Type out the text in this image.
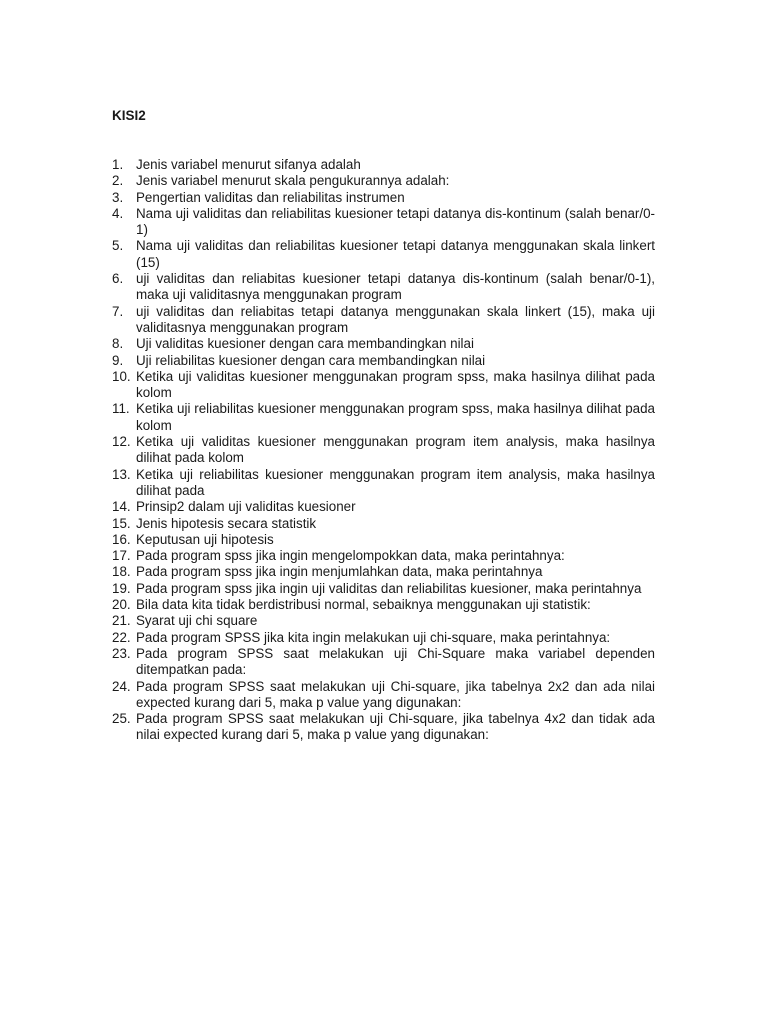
KISI2
1. Jenis variabel menurut sifanya adalah
2. Jenis variabel menurut skala pengukurannya adalah:
3. Pengertian validitas dan reliabilitas instrumen
4. Nama uji validitas dan reliabilitas kuesioner tetapi datanya dis-kontinum (salah benar/0-1)
5. Nama uji validitas dan reliabilitas kuesioner tetapi datanya menggunakan skala linkert (15)
6. uji validitas dan reliabitas kuesioner tetapi datanya dis-kontinum (salah benar/0-1), maka uji validitasnya menggunakan program
7. uji validitas dan reliabitas tetapi datanya menggunakan skala linkert (15), maka uji validitasnya menggunakan program
8. Uji validitas kuesioner dengan cara membandingkan nilai
9. Uji reliabilitas kuesioner dengan cara membandingkan nilai
10. Ketika uji validitas kuesioner menggunakan program spss, maka hasilnya dilihat pada kolom
11. Ketika uji reliabilitas kuesioner menggunakan program spss, maka hasilnya dilihat pada kolom
12. Ketika uji validitas kuesioner menggunakan program item analysis, maka hasilnya dilihat pada kolom
13. Ketika uji reliabilitas kuesioner menggunakan program item analysis, maka hasilnya dilihat pada
14. Prinsip2 dalam uji validitas kuesioner
15. Jenis hipotesis secara statistik
16. Keputusan uji hipotesis
17. Pada program spss jika ingin mengelompokkan data, maka perintahnya:
18. Pada program spss jika ingin menjumlahkan data, maka perintahnya
19. Pada program spss jika ingin uji validitas dan reliabilitas kuesioner, maka perintahnya
20. Bila data kita tidak berdistribusi normal, sebaiknya menggunakan uji statistik:
21. Syarat uji chi square
22. Pada program SPSS jika kita ingin melakukan uji chi-square, maka perintahnya:
23. Pada program SPSS saat melakukan uji Chi-Square maka variabel dependen ditempatkan pada:
24. Pada program SPSS saat melakukan uji Chi-square, jika tabelnya 2x2 dan ada nilai expected kurang dari 5, maka p value yang digunakan:
25. Pada program SPSS saat melakukan uji Chi-square, jika tabelnya 4x2 dan tidak ada nilai expected kurang dari 5, maka p value yang digunakan:
